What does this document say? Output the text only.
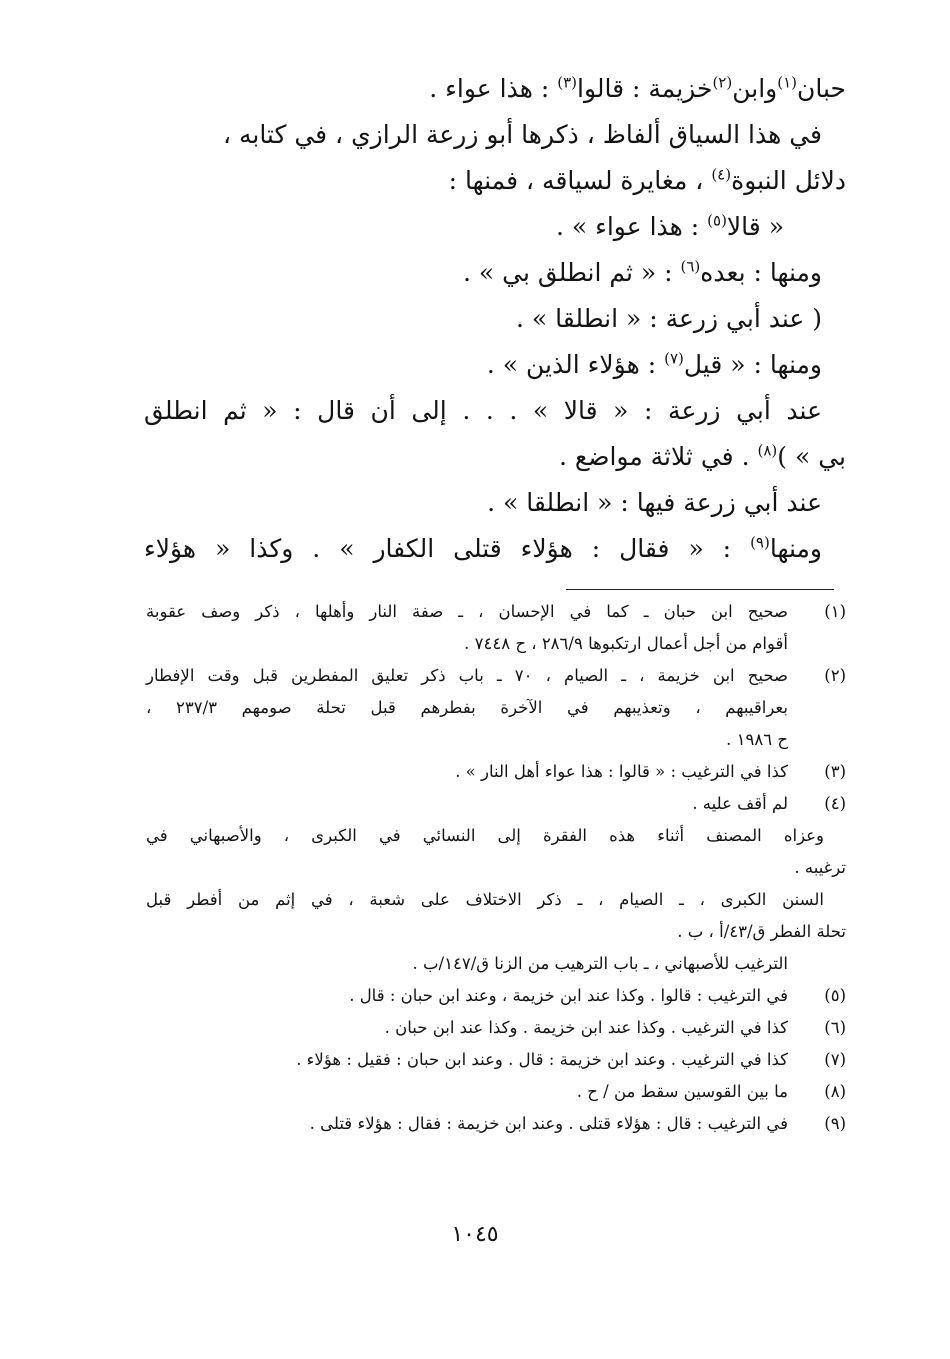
حبان$^{(١)}$وابن$^{(٢)}$خزيمة : قالوا$^{(٣)}$ : هذا عواء .
في هذا السياق ألفاظ ، ذكرها أبو زرعة الرازي ، في كتابه ،
دلائل النبوة$^{(٤)}$ ، مغايرة لسياقه ، فمنها :
« قالا$^{(٥)}$ : هذا عواء » .
ومنها : بعده$^{(٦)}$ : « ثم انطلق بي » .
( عند أبي زرعة : « انطلقا » .
ومنها : « قيل$^{(٧)}$ : هؤلاء الذين » .
عند أبي زرعة : « قالا » . . . إلى أن قال : « ثم انطلق
بي » )$^{(٨)}$ . في ثلاثة مواضع .
عند أبي زرعة فيها : « انطلقا » .
ومنها$^{(٩)}$ : « فقال : هؤلاء قتلى الكفار » . وكذا « هؤلاء
(١)
صحيح ابن حبان ـ كما في الإحسان ، ـ صفة النار وأهلها ، ذكر وصف عقوبة
أقوام من أجل أعمال ارتكبوها ٢٨٦/٩ ، ح ٧٤٤٨ .
(٢)
صحيح ابن خزيمة ، ـ الصيام ، ٧٠ ـ باب ذكر تعليق المفطرين قبل وقت الإفطار
بعراقيبهم ، وتعذيبهم في الآخرة بفطرهم قبل تحلة صومهم ٢٣٧/٣ ،
ح ١٩٨٦ .
(٣)
كذا في الترغيب : « قالوا : هذا عواء أهل النار » .
(٤)
لم أقف عليه .
وعزاه المصنف أثناء هذه الفقرة إلى النسائي في الكبرى ، والأصبهاني في
ترغيبه .
السنن الكبرى ، ـ الصيام ، ـ ذكر الاختلاف على شعبة ، في إثم من أفطر قبل
تحلة الفطر ق/٤٣/أ ، ب .
الترغيب للأصبهاني ، ـ باب الترهيب من الزنا ق/١٤٧/ب .
(٥)
في الترغيب : قالوا . وكذا عند ابن خزيمة ، وعند ابن حبان : قال .
(٦)
كذا في الترغيب . وكذا عند ابن خزيمة . وكذا عند ابن حبان .
(٧)
كذا في الترغيب . وعند ابن خزيمة : قال . وعند ابن حبان : فقيل : هؤلاء .
(٨)
ما بين القوسين سقط من / ح .
(٩)
في الترغيب : قال : هؤلاء قتلى . وعند ابن خزيمة : فقال : هؤلاء قتلى .
١٠٤٥
